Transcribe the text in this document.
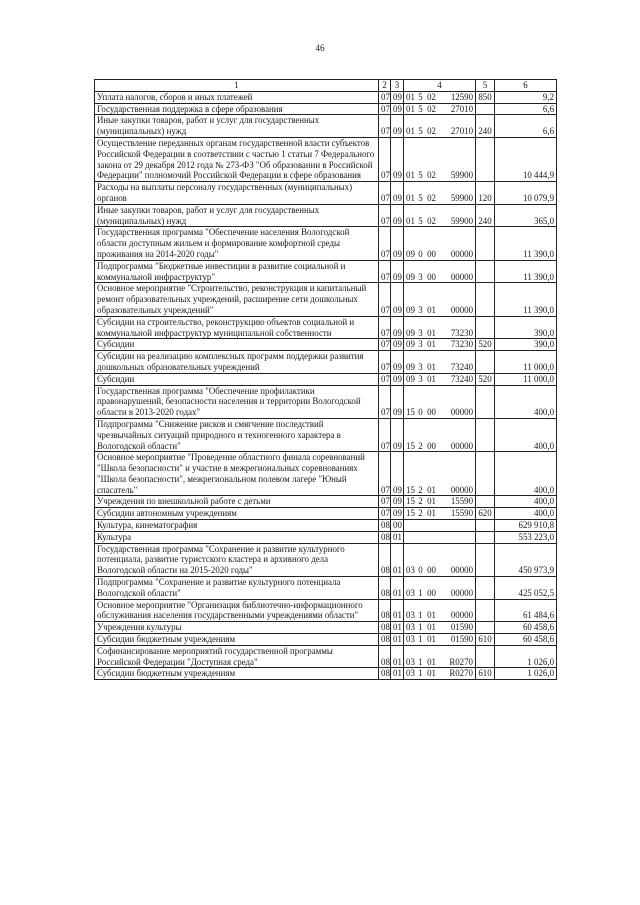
46
1	2	3	4	5	6
Уплата налогов, сборов и иных платежей	07	09	01 5 02 12590	850	9,2
Государственная поддержка в сфере образования	07	09	01 5 02 27010		6,6
Иные закупки товаров, работ и услуг для государственных (муниципальных) нужд	07	09	01 5 02 27010	240	6,6
Осуществление переданных органам государственной власти субъектов Российской Федерации в соответствии с частью 1 статьи 7 Федерального закона от 29 декабря 2012 года № 273-ФЗ "Об образовании в Российской Федерации" полномочий Российской Федерации в сфере образования	07	09	01 5 02 59900		10 444,9
Расходы на выплаты персоналу государственных (муниципальных) органов	07	09	01 5 02 59900	120	10 079,9
Иные закупки товаров, работ и услуг для государственных (муниципальных) нужд	07	09	01 5 02 59900	240	365,0
Государственная программа "Обеспечение населения Вологодской области доступным жильем и формирование комфортной среды проживания на 2014-2020 годы"	07	09	09 0 00 00000		11 390,0
Подпрограмма "Бюджетные инвестиции в развитие социальной и коммунальной инфраструктур"	07	09	09 3 00 00000		11 390,0
Основное мероприятие "Строительство, реконструкция и капитальный ремонт образовательных учреждений, расширение сети дошкольных образовательных учреждений"	07	09	09 3 01 00000		11 390,0
Субсидии на строительство, реконструкцию объектов социальной и коммунальной инфраструктур муниципальной собственности	07	09	09 3 01 73230		390,0
Субсидии	07	09	09 3 01 73230	520	390,0
Субсидии на реализацию комплексных программ поддержки развития дошкольных образовательных учреждений	07	09	09 3 01 73240		11 000,0
Субсидии	07	09	09 3 01 73240	520	11 000,0
Государственная программа "Обеспечение профилактики правонарушений, безопасности населения и территории Вологодской области в 2013-2020 годах"	07	09	15 0 00 00000		400,0
Подпрограмма "Снижение рисков и смягчение последствий чрезвычайных ситуаций природного и техногенного характера в Вологодской области"	07	09	15 2 00 00000		400,0
Основное мероприятие "Проведение областного финала соревнований "Школа безопасности" и участие в межрегиональных соревнованиях "Школа безопасности", межрегиональном полевом лагере "Юный спасатель"	07	09	15 2 01 00000		400,0
Учреждения по внешкольной работе с детьми	07	09	15 2 01 15590		400,0
Субсидии автономным учреждениям	07	09	15 2 01 15590	620	400,0
Культура, кинематография	08	00			629 910,8
Культура	08	01			553 223,0
Государственная программа "Сохранение и развитие культурного потенциала, развитие туристского кластера и архивного дела Вологодской области на 2015-2020 годы"	08	01	03 0 00 00000		450 973,9
Подпрограмма "Сохранение и развитие культурного потенциала Вологодской области"	08	01	03 1 00 00000		425 052,5
Основное мероприятие "Организация библиотечно-информационного обслуживания населения государственными учреждениями области"	08	01	03 1 01 00000		61 484,6
Учреждения культуры	08	01	03 1 01 01590		60 458,6
Субсидии бюджетным учреждениям	08	01	03 1 01 01590	610	60 458,6
Софинансирование мероприятий государственной программы Российской Федерации "Доступная среда"	08	01	03 1 01 R0270		1 026,0
Субсидии бюджетным учреждениям	08	01	03 1 01 R0270	610	1 026,0
